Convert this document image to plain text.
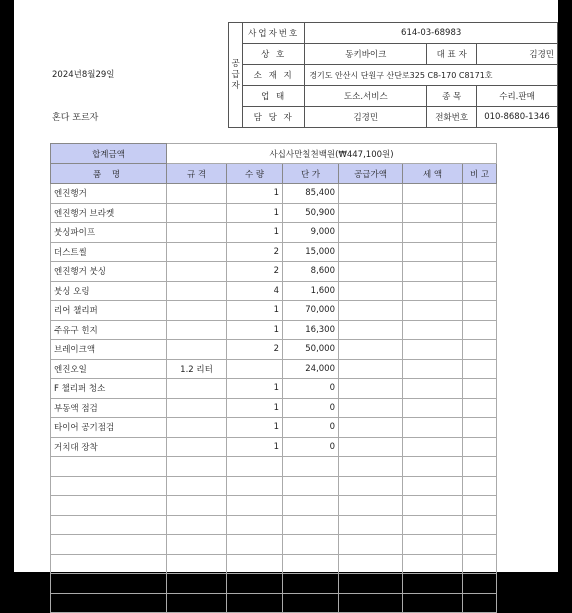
공
급
자	사업자번호	614-03-68983		
	상 호	동키바이크	대 표 자	김경민
	소 재 지	경기도 안산시 단원구 산단로325 C8-170 C8171호		
	업 태	도소.서비스	종 목	수리.판매
	담 당 자	김경민	전화번호	010-8680-1346
2024년8월29일
혼다 포르자
합계금액	사십사만칠천백원(₩447,100원)					
품 명	규 격	수 량	단 가	공급가액	세 액	비 고
엔진행거		1	85,400			
엔진행거 브라켓		1	50,900			
붓싱파이프		1	9,000			
더스트씰		2	15,000			
엔진행거 붓싱		2	8,600			
붓싱 오링		4	1,600			
리어 챌리퍼		1	70,000			
주유구 힌지		1	16,300			
브레이크액		2	50,000			
엔진오일	1.2 리터		24,000			
F 챌리퍼 청소		1	0			
부동액 점검		1	0			
타이어 공기점검		1	0			
거치대 장착		1	0			
